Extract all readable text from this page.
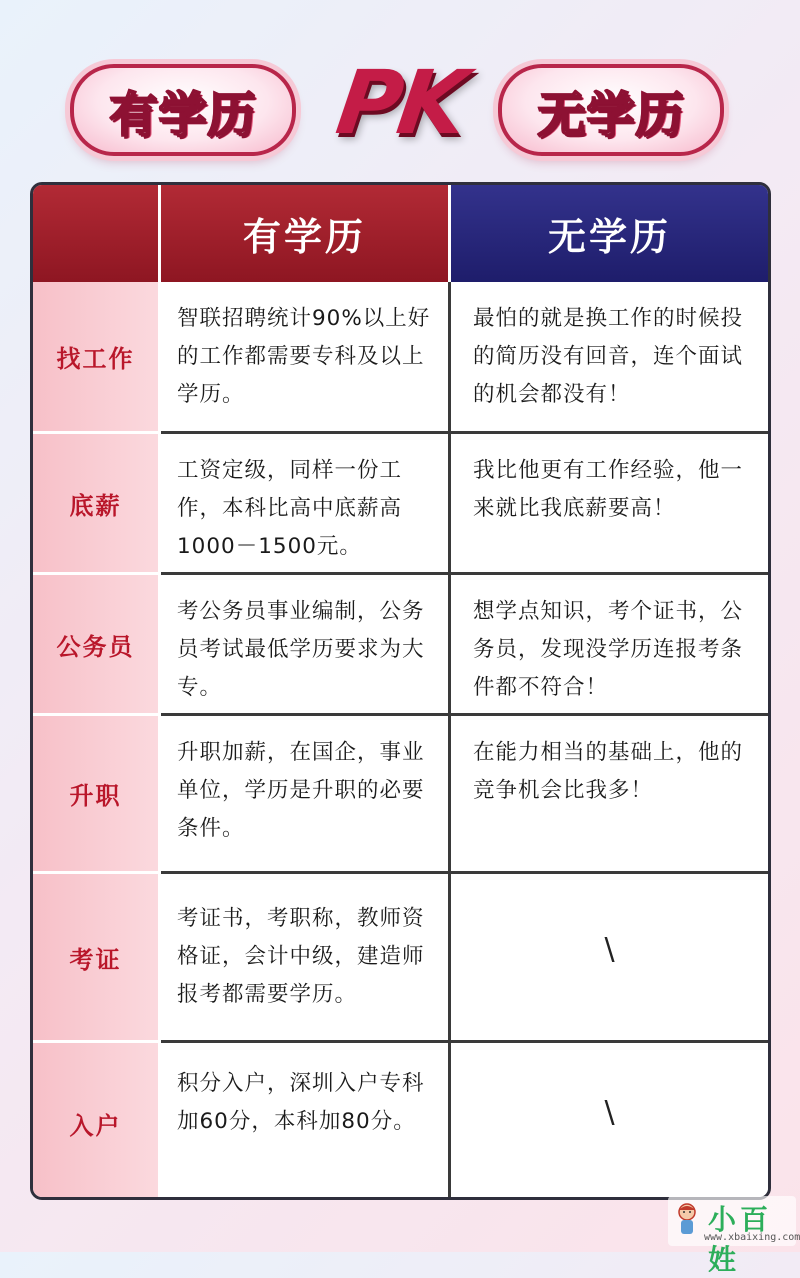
有学历 PK 无学历
有学历	无学历
找工作
智联招聘统计90%以上好的工作都需要专科及以上学历。
最怕的就是换工作的时候投的简历没有回音，连个面试的机会都没有！
底薪
工资定级，同样一份工作，本科比高中底薪高1000－1500元。
我比他更有工作经验，他一来就比我底薪要高！
公务员
考公务员事业编制，公务员考试最低学历要求为大专。
想学点知识，考个证书，公务员，发现没学历连报考条件都不符合！
升职
升职加薪，在国企，事业单位，学历是升职的必要条件。
在能力相当的基础上，他的竞争机会比我多！
考证
考证书，考职称，教师资格证，会计中级，建造师报考都需要学历。
\
入户
积分入户，深圳入户专科加60分，本科加80分。	\
小百姓
www.xbaixing.com
